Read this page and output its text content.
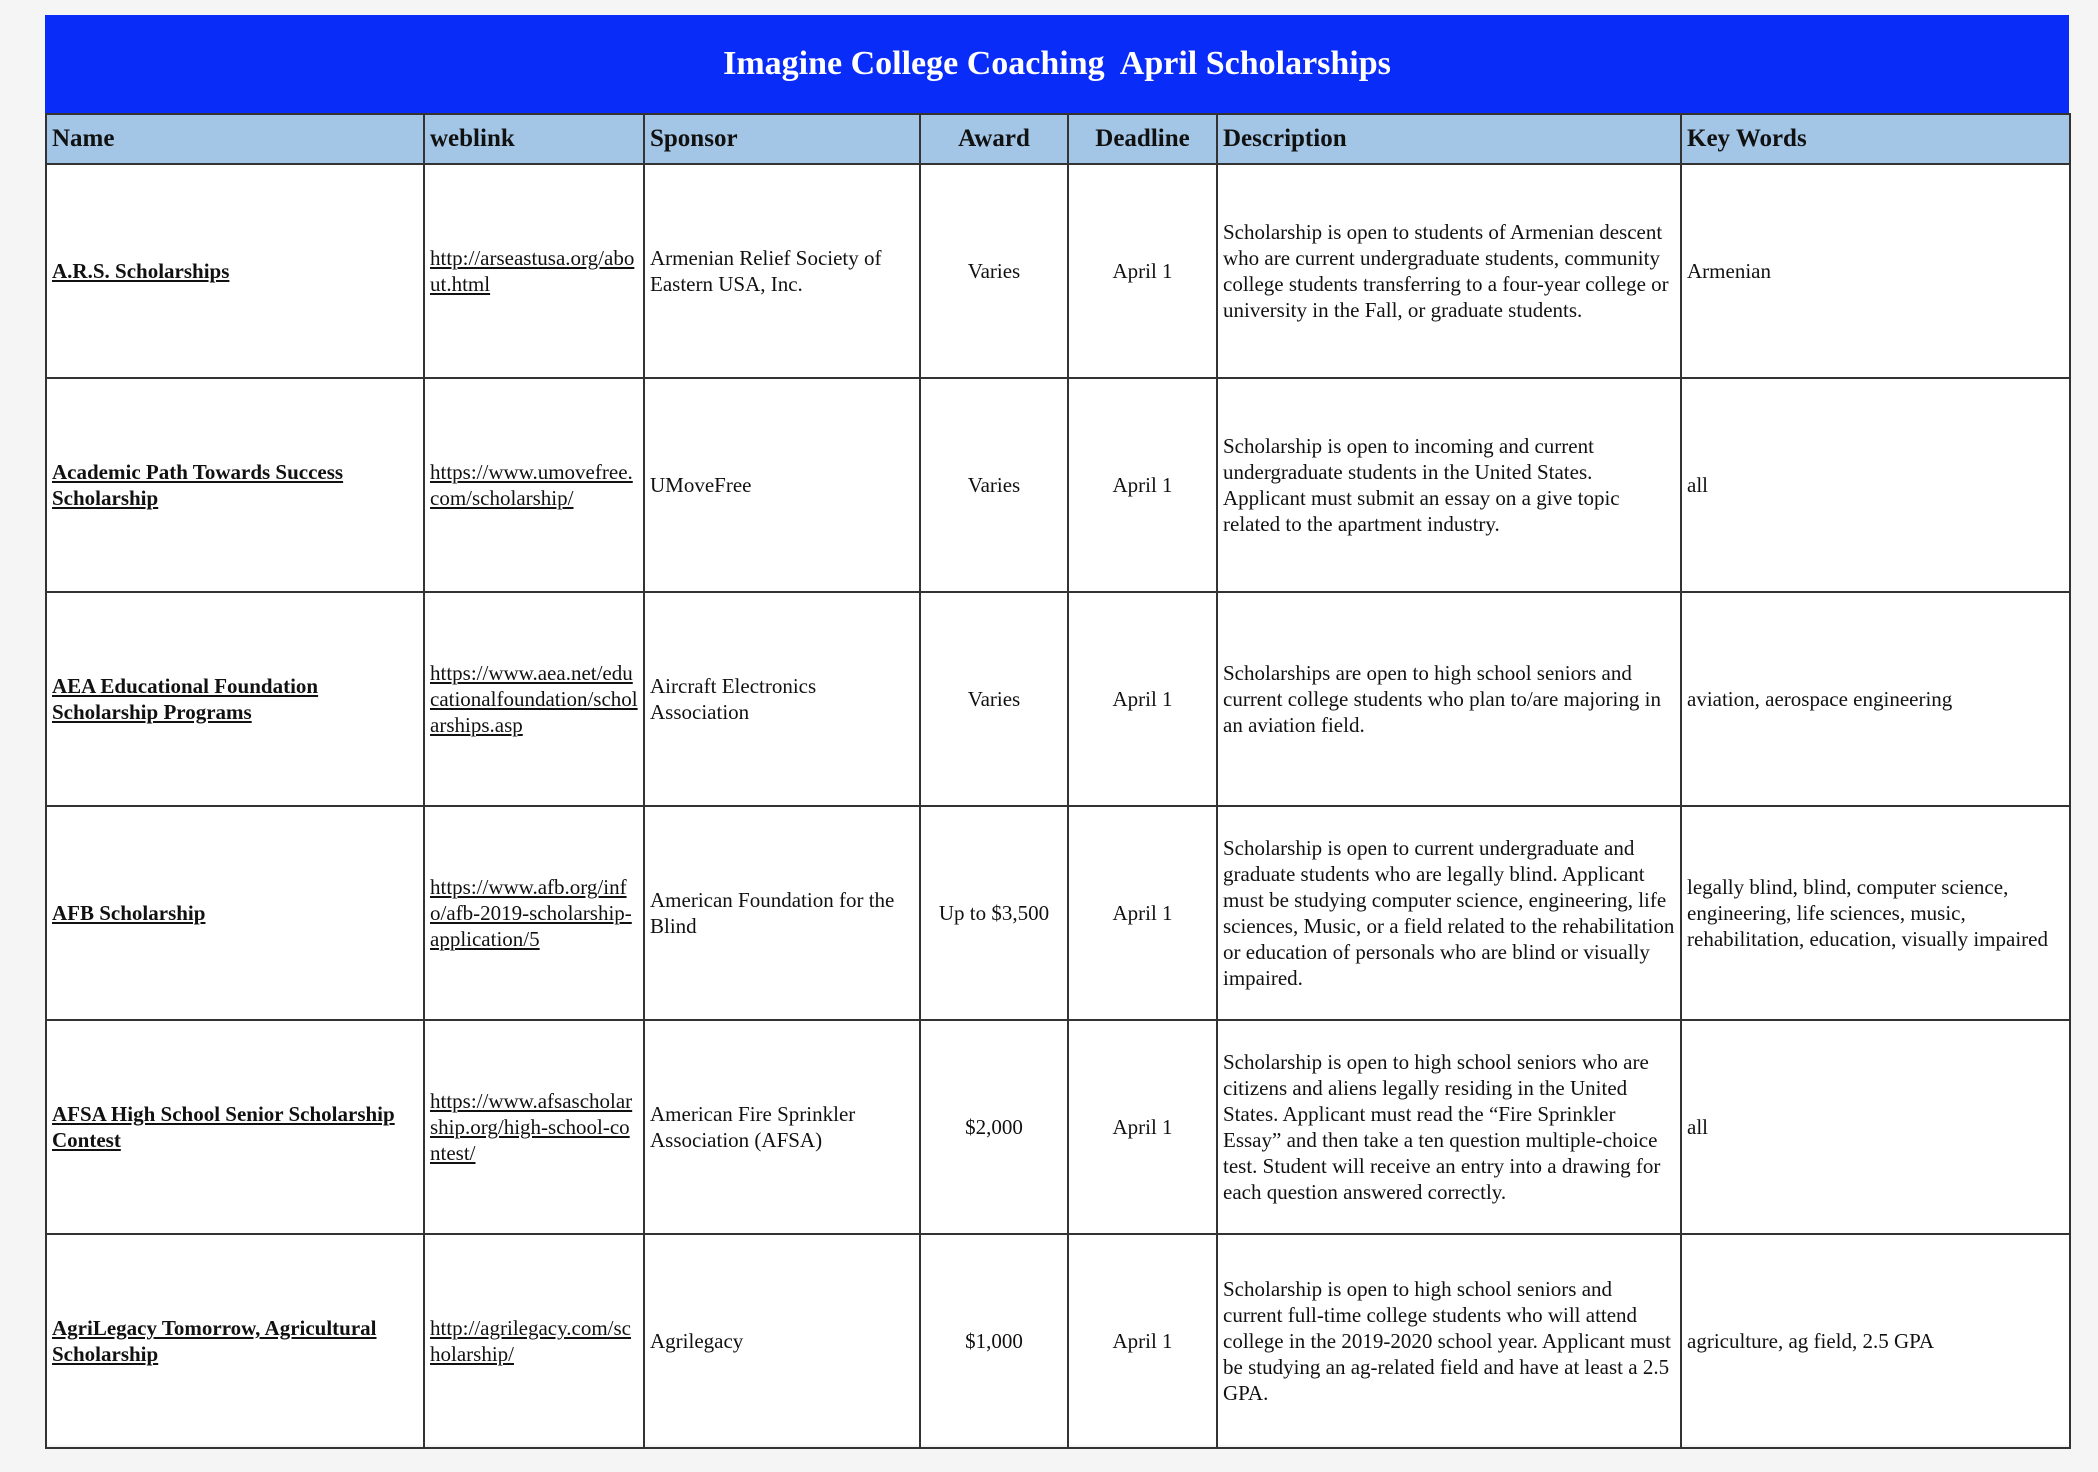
Imagine College Coaching  April Scholarships
Name	weblink	Sponsor	Award	Deadline	Description	Key Words
A.R.S. Scholarships	http://arseastusa.org/about.html	Armenian Relief Society of Eastern USA, Inc.	Varies	April 1	Scholarship is open to students of Armenian descent who are current undergraduate students, community college students transferring to a four-year college or university in the Fall, or graduate students.	Armenian
Academic Path Towards Success Scholarship	https://www.umovefree.com/scholarship/	UMoveFree	Varies	April 1	Scholarship is open to incoming and current undergraduate students in the United States. Applicant must submit an essay on a give topic related to the apartment industry.	all
AEA Educational Foundation Scholarship Programs	https://www.aea.net/educationalfoundation/scholarships.asp	Aircraft Electronics Association	Varies	April 1	Scholarships are open to high school seniors and current college students who plan to/are majoring in an aviation field.	aviation, aerospace engineering
AFB Scholarship	https://www.afb.org/info/afb-2019-scholarship-application/5	American Foundation for the Blind	Up to $3,500	April 1	Scholarship is open to current undergraduate and graduate students who are legally blind. Applicant must be studying computer science, engineering, life sciences, Music, or a field related to the rehabilitation or education of personals who are blind or visually impaired.	legally blind, blind, computer science, engineering, life sciences, music, rehabilitation, education, visually impaired
AFSA High School Senior Scholarship Contest	https://www.afsascholarship.org/high-school-contest/	American Fire Sprinkler Association (AFSA)	$2,000	April 1	Scholarship is open to high school seniors who are citizens and aliens legally residing in the United States. Applicant must read the “Fire Sprinkler Essay” and then take a ten question multiple-choice test. Student will receive an entry into a drawing for each question answered correctly.	all
AgriLegacy Tomorrow, Agricultural Scholarship	http://agrilegacy.com/scholarship/	Agrilegacy	$1,000	April 1	Scholarship is open to high school seniors and current full-time college students who will attend college in the 2019-2020 school year. Applicant must be studying an ag-related field and have at least a 2.5 GPA.	agriculture, ag field, 2.5 GPA
